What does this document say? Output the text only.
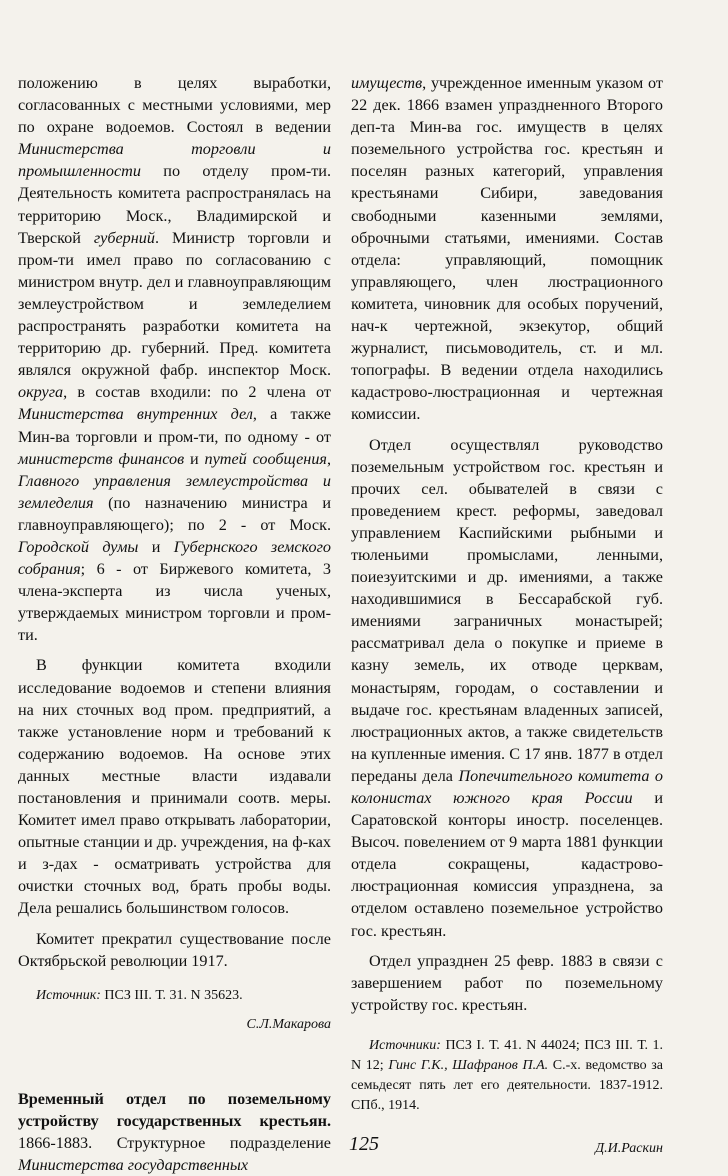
положению в целях выработки, согласованных с местными условиями, мер по охране водоемов. Состоял в ведении Министерства торговли и промышленности по отделу пром-ти. Деятельность комитета распространялась на территорию Моск., Владимирской и Тверской губерний. Министр торговли и пром-ти имел право по согласованию с министром внутр. дел и главноуправляющим землеустройством и земледелием распространять разработки комитета на территорию др. губерний. Пред. комитета являлся окружной фабр. инспектор Моск. округа, в состав входили: по 2 члена от Министерства внутренних дел, а также Мин-ва торговли и пром-ти, по одному - от министерств финансов и путей сообщения, Главного управления землеустройства и земледелия (по назначению министра и главноуправляющего); по 2 - от Моск. Городской думы и Губернского земского собрания; 6 - от Биржевого комитета, 3 члена-эксперта из числа ученых, утверждаемых министром торговли и пром-ти.

В функции комитета входили исследование водоемов и степени влияния на них сточных вод пром. предприятий, а также установление норм и требований к содержанию водоемов. На основе этих данных местные власти издавали постановления и принимали соотв. меры. Комитет имел право открывать лаборатории, опытные станции и др. учреждения, на ф-ках и з-дах - осматривать устройства для очистки сточных вод, брать пробы воды. Дела решались большинством голосов.

Комитет прекратил существование после Октябрьской революции 1917.

Источник: ПСЗ III. Т. 31. N 35623.

С.Л.Макарова

Временный отдел по поземельному устройству государственных крестьян. 1866-1883. Структурное подразделение Министерства государственных

имуществ, учрежденное именным указом от 22 дек. 1866 взамен упраздненного Второго деп-та Мин-ва гос. имуществ в целях поземельного устройства гос. крестьян и поселян разных категорий, управления крестьянами Сибири, заведования свободными казенными землями, оброчными статьями, имениями. Состав отдела: управляющий, помощник управляющего, член люстрационного комитета, чиновник для особых поручений, нач-к чертежной, экзекутор, общий журналист, письмоводитель, ст. и мл. топографы. В ведении отдела находились кадастрово-люстрационная и чертежная комиссии.

Отдел осуществлял руководство поземельным устройством гос. крестьян и прочих сел. обывателей в связи с проведением крест. реформы, заведовал управлением Каспийскими рыбными и тюленьими промыслами, ленными, поиезуитскими и др. имениями, а также находившимися в Бессарабской губ. имениями заграничных монастырей; рассматривал дела о покупке и приеме в казну земель, их отводе церквам, монастырям, городам, о составлении и выдаче гос. крестьянам владенных записей, люстрационных актов, а также свидетельств на купленные имения. С 17 янв. 1877 в отдел переданы дела Попечительного комитета о колонистах южного края России и Саратовской конторы иностр. поселенцев. Высоч. повелением от 9 марта 1881 функции отдела сокращены, кадастрово-люстрационная комиссия упразднена, за отделом оставлено поземельное устройство гос. крестьян.

Отдел упразднен 25 февр. 1883 в связи с завершением работ по поземельному устройству гос. крестьян.

Источники: ПСЗ I. Т. 41. N 44024; ПСЗ III. Т. 1. N 12; Гинс Г.К., Шафранов П.А. С.-х. ведомство за семьдесят пять лет его деятельности. 1837-1912. СПб., 1914.

Д.И.Раскин

125
